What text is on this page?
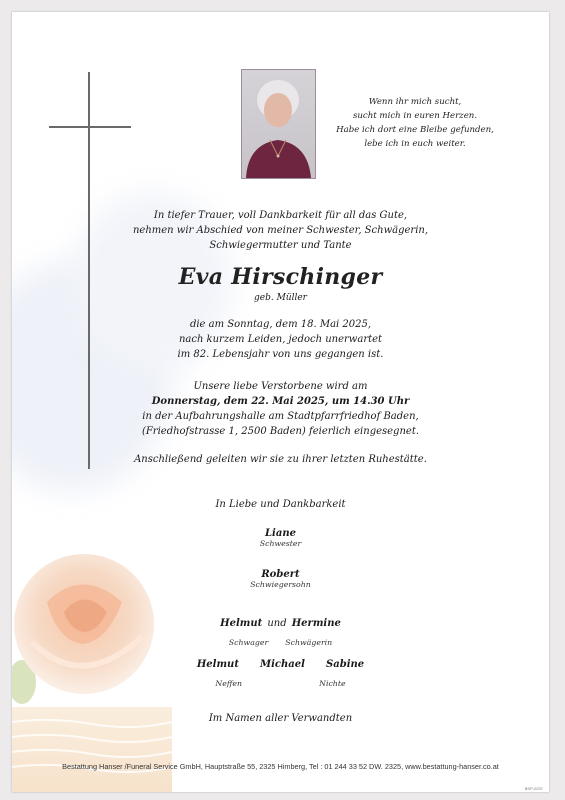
Wenn ihr mich sucht,
sucht mich in euren Herzen.
Habe ich dort eine Bleibe gefunden,
lebe ich in euch weiter.
In tiefer Trauer, voll Dankbarkeit für all das Gute,
nehmen wir Abschied von meiner Schwester, Schwägerin,
Schwiegermutter und Tante
Eva Hirschinger
geb. Müller
die am Sonntag, dem 18. Mai 2025,
nach kurzem Leiden, jedoch unerwartet
im 82. Lebensjahr von uns gegangen ist.
Unsere liebe Verstorbene wird am
Donnerstag, dem 22. Mai 2025, um 14.30 Uhr
in der Aufbahrungshalle am Stadtpfarrfriedhof Baden,
(Friedhofstrasse 1, 2500 Baden) feierlich eingesegnet.
Anschließend geleiten wir sie zu ihrer letzten Ruhestätte.
In Liebe und Dankbarkeit
Liane
Schwester
Robert
Schwiegersohn
Helmut und Hermine
Schwager Schwägerin
Helmut Michael Sabine
Neffen	Nichte
Im Namen aller Verwandten
Bestattung Hanser /Funeral Service GmbH, Hauptstraße 55, 2325 Himberg, Tel : 01 244 33 52 DW. 2325, www.bestattung-hanser.co.at
BSP-0237
